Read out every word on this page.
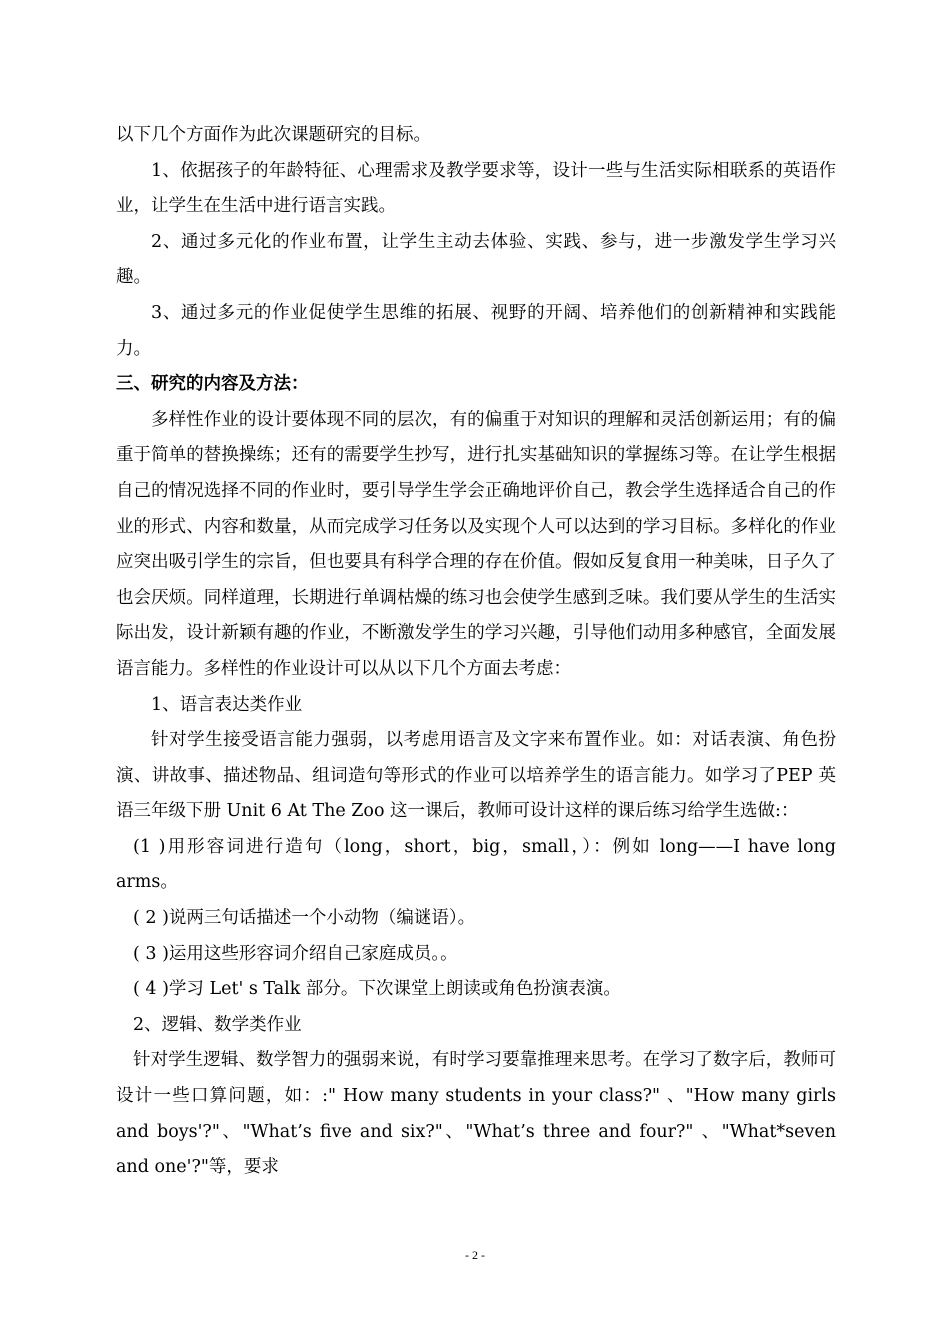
以下几个方面作为此次课题研究的目标。

1、依据孩子的年龄特征、心理需求及教学要求等，设计一些与生活实际相联系的英语作业，让学生在生活中进行语言实践。

2、通过多元化的作业布置，让学生主动去体验、实践、参与，进一步激发学生学习兴趣。

3、通过多元的作业促使学生思维的拓展、视野的开阔、培养他们的创新精神和实践能力。

三、研究的内容及方法：

多样性作业的设计要体现不同的层次，有的偏重于对知识的理解和灵活创新运用；有的偏重于简单的替换操练；还有的需要学生抄写，进行扎实基础知识的掌握练习等。在让学生根据自己的情况选择不同的作业时，要引导学生学会正确地评价自己，教会学生选择适合自己的作业的形式、内容和数量，从而完成学习任务以及实现个人可以达到的学习目标。多样化的作业应突出吸引学生的宗旨，但也要具有科学合理的存在价值。假如反复食用一种美味，日子久了也会厌烦。同样道理，长期进行单调枯燥的练习也会使学生感到乏味。我们要从学生的生活实际出发，设计新颖有趣的作业，不断激发学生的学习兴趣，引导他们动用多种感官，全面发展语言能力。多样性的作业设计可以从以下几个方面去考虑：

1、语言表达类作业

针对学生接受语言能力强弱，以考虑用语言及文字来布置作业。如：对话表演、角色扮演、讲故事、描述物品、组词造句等形式的作业可以培养学生的语言能力。如学习了PEP 英语三年级下册 Unit 6 At The Zoo 这一课后，教师可设计这样的课后练习给学生选做:：

(1 )用形容词进行造句（long，short，big，small，）：例如 long——I have long arms。

( 2 )说两三句话描述一个小动物（编谜语）。

( 3 )运用这些形容词介绍自己家庭成员。。

( 4 )学习 Let' s Talk 部分。下次课堂上朗读或角色扮演表演。

2、逻辑、数学类作业

针对学生逻辑、数学智力的强弱来说，有时学习要靠推理来思考。在学习了数字后，教师可设计一些口算问题，如：:" How many students in your class?" 、"How many girls and boys'?"、"What’s five and six?"、"What’s three and four?" 、"What*seven and one'?"等，要求

- 2 -
